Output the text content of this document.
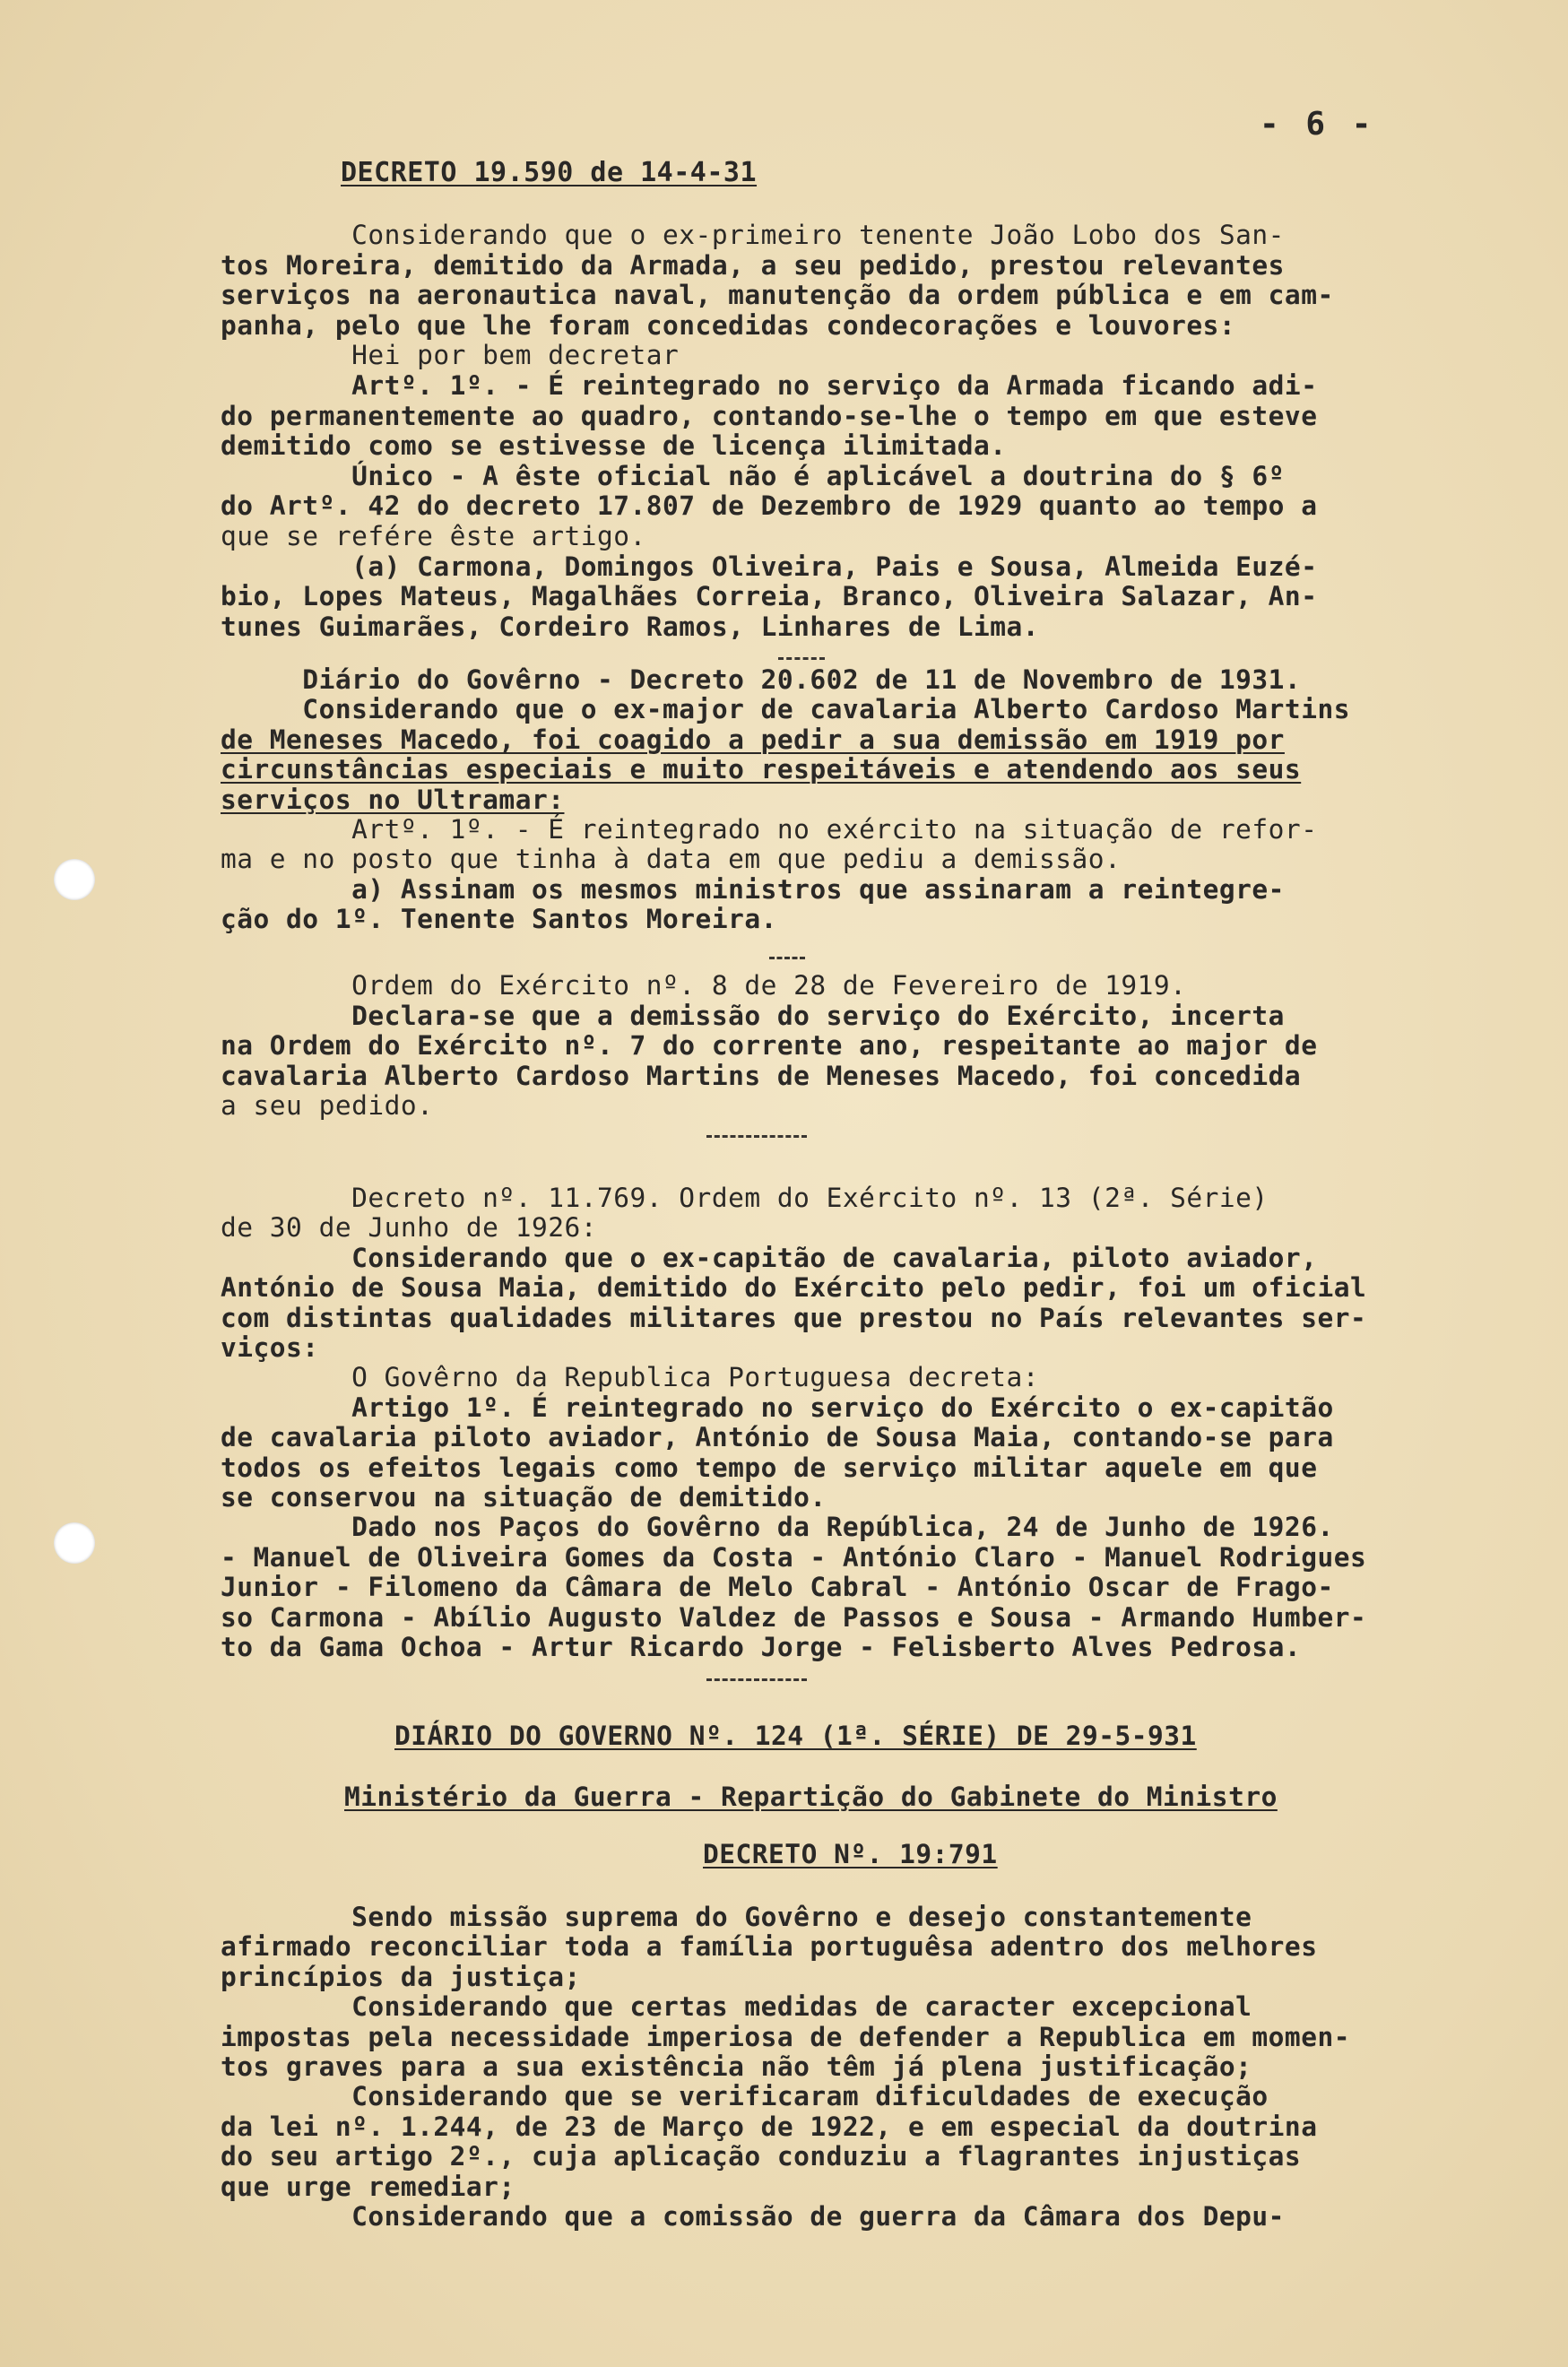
- 6 -
DECRETO 19.590 de 14-4-31
Considerando que o ex-primeiro tenente João Lobo dos San-
tos Moreira, demitido da Armada, a seu pedido, prestou relevantes
serviços na aeronautica naval, manutenção da ordem pública e em cam-
panha, pelo que lhe foram concedidas condecorações e louvores:
Hei por bem decretar
Artº. 1º. - É reintegrado no serviço da Armada ficando adi-
do permanentemente ao quadro, contando-se-lhe o tempo em que esteve
demitido como se estivesse de licença ilimitada.
Único - A êste oficial não é aplicável a doutrina do § 6º
do Artº. 42 do decreto 17.807 de Dezembro de 1929 quanto ao tempo a
que se refére êste artigo.
(a) Carmona, Domingos Oliveira, Pais e Sousa, Almeida Euzé-
bio, Lopes Mateus, Magalhães Correia, Branco, Oliveira Salazar, An-
tunes Guimarães, Cordeiro Ramos, Linhares de Lima.
Diário do Govêrno - Decreto 20.602 de 11 de Novembro de 1931.
Considerando que o ex-major de cavalaria Alberto Cardoso Martins
de Meneses Macedo, foi coagido a pedir a sua demissão em 1919 por
circunstâncias especiais e muito respeitáveis e atendendo aos seus
serviços no Ultramar:
Artº. 1º. - É reintegrado no exército na situação de refor-
ma e no posto que tinha à data em que pediu a demissão.
a) Assinam os mesmos ministros que assinaram a reintegre-
ção do 1º. Tenente Santos Moreira.
Ordem do Exército nº. 8 de 28 de Fevereiro de 1919.
Declara-se que a demissão do serviço do Exército, incerta
na Ordem do Exército nº. 7 do corrente ano, respeitante ao major de
cavalaria Alberto Cardoso Martins de Meneses Macedo, foi concedida
a seu pedido.
Decreto nº. 11.769. Ordem do Exército nº. 13 (2ª. Série)
de 30 de Junho de 1926:
Considerando que o ex-capitão de cavalaria, piloto aviador,
António de Sousa Maia, demitido do Exército pelo pedir, foi um oficial
com distintas qualidades militares que prestou no País relevantes ser-
viços:
O Govêrno da Republica Portuguesa decreta:
Artigo 1º. É reintegrado no serviço do Exército o ex-capitão
de cavalaria piloto aviador, António de Sousa Maia, contando-se para
todos os efeitos legais como tempo de serviço militar aquele em que
se conservou na situação de demitido.
Dado nos Paços do Govêrno da República, 24 de Junho de 1926.
- Manuel de Oliveira Gomes da Costa - António Claro - Manuel Rodrigues
Junior - Filomeno da Câmara de Melo Cabral - António Oscar de Frago-
so Carmona - Abílio Augusto Valdez de Passos e Sousa - Armando Humber-
to da Gama Ochoa - Artur Ricardo Jorge - Felisberto Alves Pedrosa.
DIÁRIO DO GOVERNO Nº. 124 (1ª. SÉRIE) DE 29-5-931
Ministério da Guerra - Repartição do Gabinete do Ministro
DECRETO Nº. 19:791
Sendo missão suprema do Govêrno e desejo constantemente
afirmado reconciliar toda a família portuguêsa adentro dos melhores
princípios da justiça;
Considerando que certas medidas de caracter excepcional
impostas pela necessidade imperiosa de defender a Republica em momen-
tos graves para a sua existência não têm já plena justificação;
Considerando que se verificaram dificuldades de execução
da lei nº. 1.244, de 23 de Março de 1922, e em especial da doutrina
do seu artigo 2º., cuja aplicação conduziu a flagrantes injustiças
que urge remediar;
Considerando que a comissão de guerra da Câmara dos Depu-
